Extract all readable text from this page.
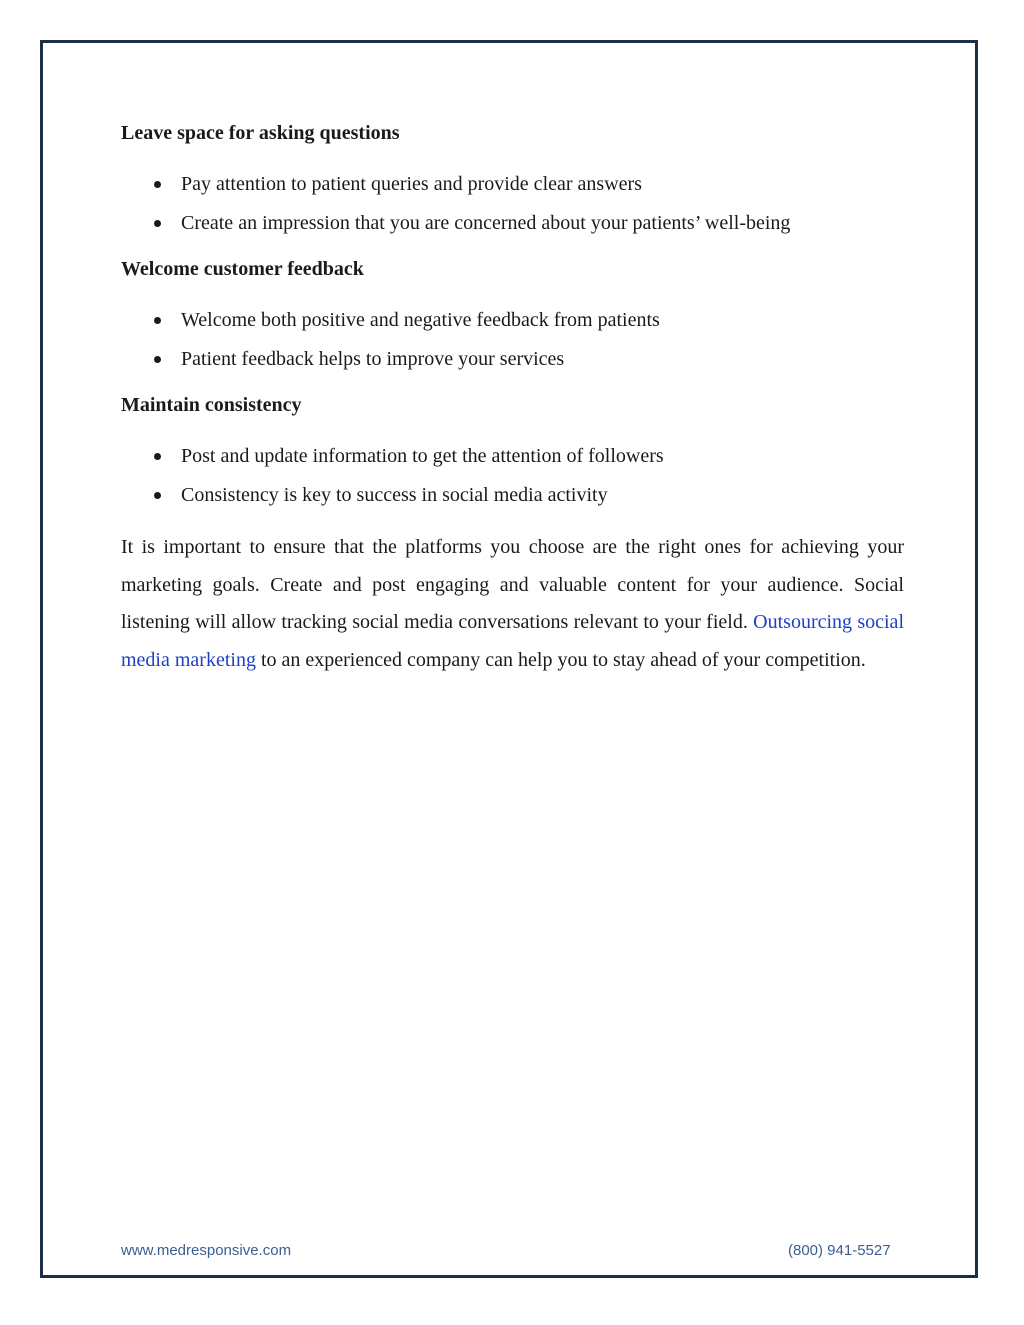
Leave space for asking questions
Pay attention to patient queries and provide clear answers
Create an impression that you are concerned about your patients’ well-being
Welcome customer feedback
Welcome both positive and negative feedback from patients
Patient feedback helps to improve your services
Maintain consistency
Post and update information to get the attention of followers
Consistency is key to success in social media activity

It is important to ensure that the platforms you choose are the right ones for achieving your marketing goals. Create and post engaging and valuable content for your audience. Social listening will allow tracking social media conversations relevant to your field. Outsourcing social media marketing to an experienced company can help you to stay ahead of your competition.

www.medresponsive.com	(800) 941-5527
